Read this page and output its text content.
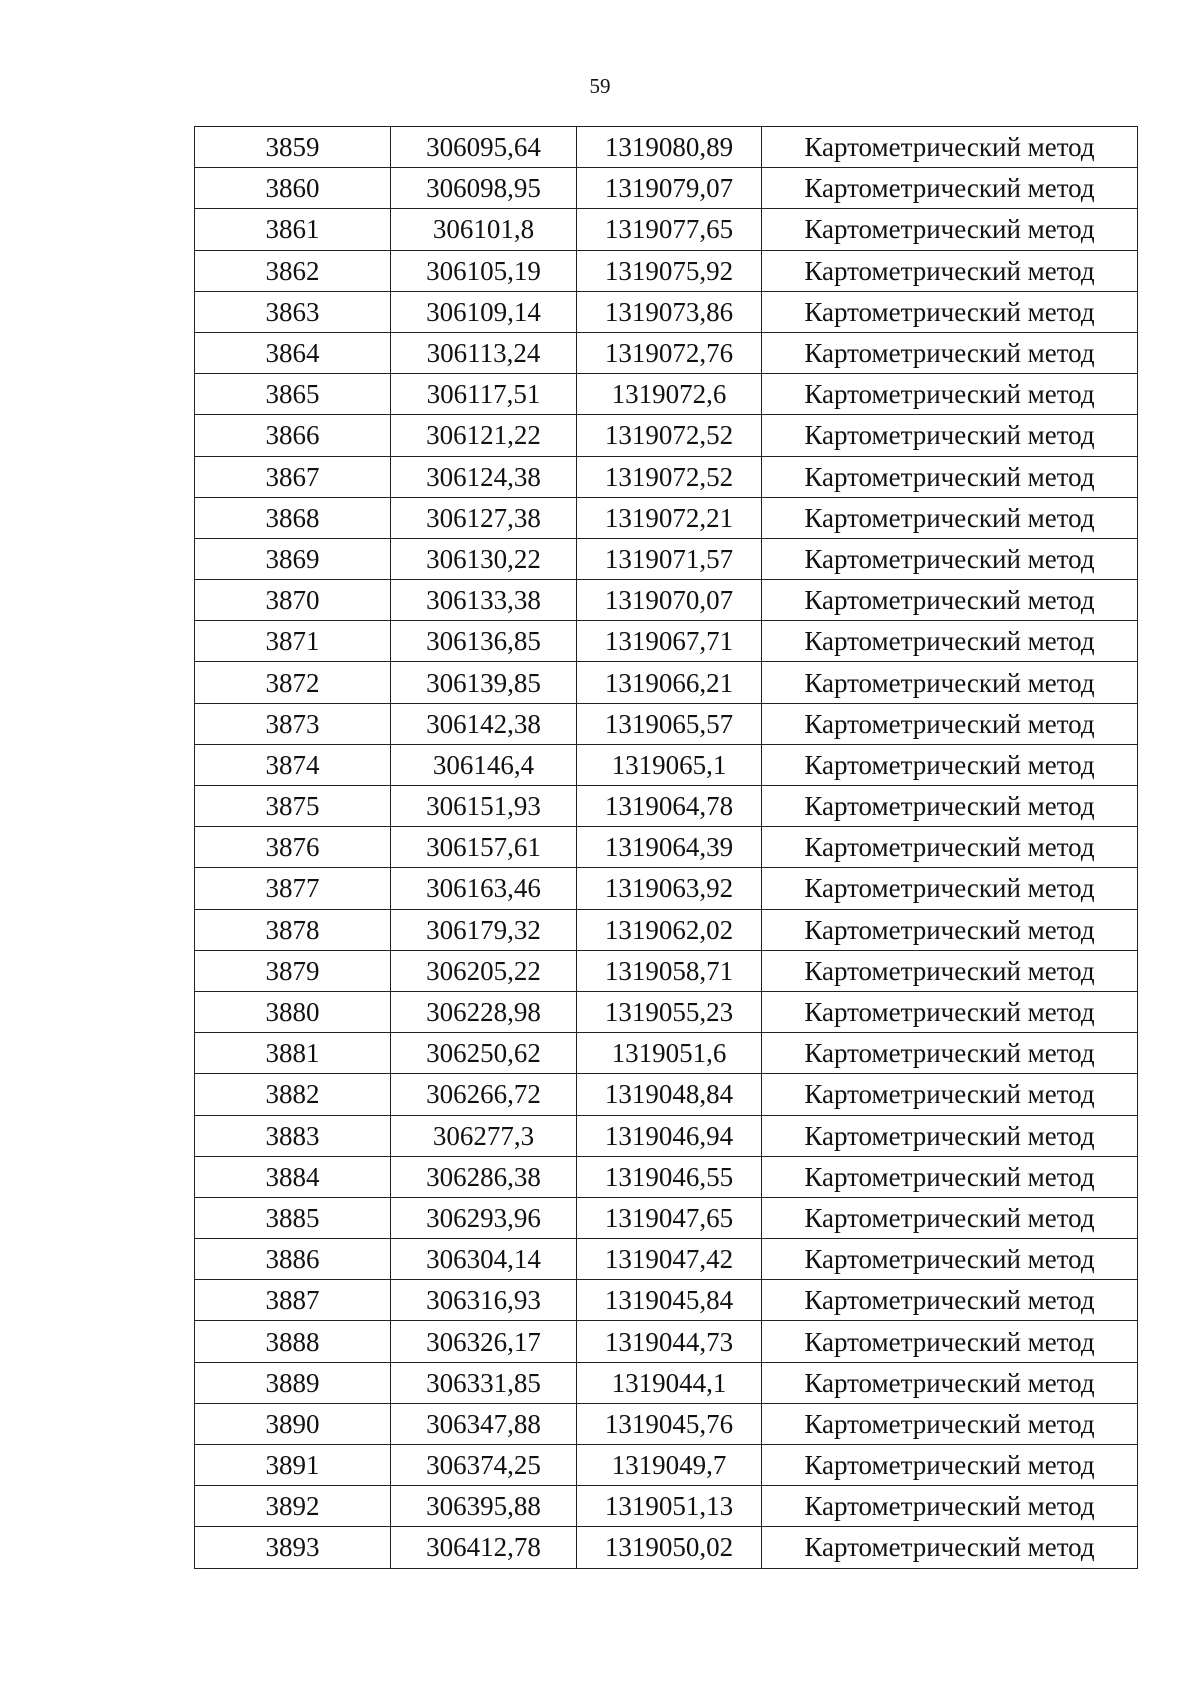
59
3859	306095,64	1319080,89	Картометрический метод
3860	306098,95	1319079,07	Картометрический метод
3861	306101,8	1319077,65	Картометрический метод
3862	306105,19	1319075,92	Картометрический метод
3863	306109,14	1319073,86	Картометрический метод
3864	306113,24	1319072,76	Картометрический метод
3865	306117,51	1319072,6	Картометрический метод
3866	306121,22	1319072,52	Картометрический метод
3867	306124,38	1319072,52	Картометрический метод
3868	306127,38	1319072,21	Картометрический метод
3869	306130,22	1319071,57	Картометрический метод
3870	306133,38	1319070,07	Картометрический метод
3871	306136,85	1319067,71	Картометрический метод
3872	306139,85	1319066,21	Картометрический метод
3873	306142,38	1319065,57	Картометрический метод
3874	306146,4	1319065,1	Картометрический метод
3875	306151,93	1319064,78	Картометрический метод
3876	306157,61	1319064,39	Картометрический метод
3877	306163,46	1319063,92	Картометрический метод
3878	306179,32	1319062,02	Картометрический метод
3879	306205,22	1319058,71	Картометрический метод
3880	306228,98	1319055,23	Картометрический метод
3881	306250,62	1319051,6	Картометрический метод
3882	306266,72	1319048,84	Картометрический метод
3883	306277,3	1319046,94	Картометрический метод
3884	306286,38	1319046,55	Картометрический метод
3885	306293,96	1319047,65	Картометрический метод
3886	306304,14	1319047,42	Картометрический метод
3887	306316,93	1319045,84	Картометрический метод
3888	306326,17	1319044,73	Картометрический метод
3889	306331,85	1319044,1	Картометрический метод
3890	306347,88	1319045,76	Картометрический метод
3891	306374,25	1319049,7	Картометрический метод
3892	306395,88	1319051,13	Картометрический метод
3893	306412,78	1319050,02	Картометрический метод
